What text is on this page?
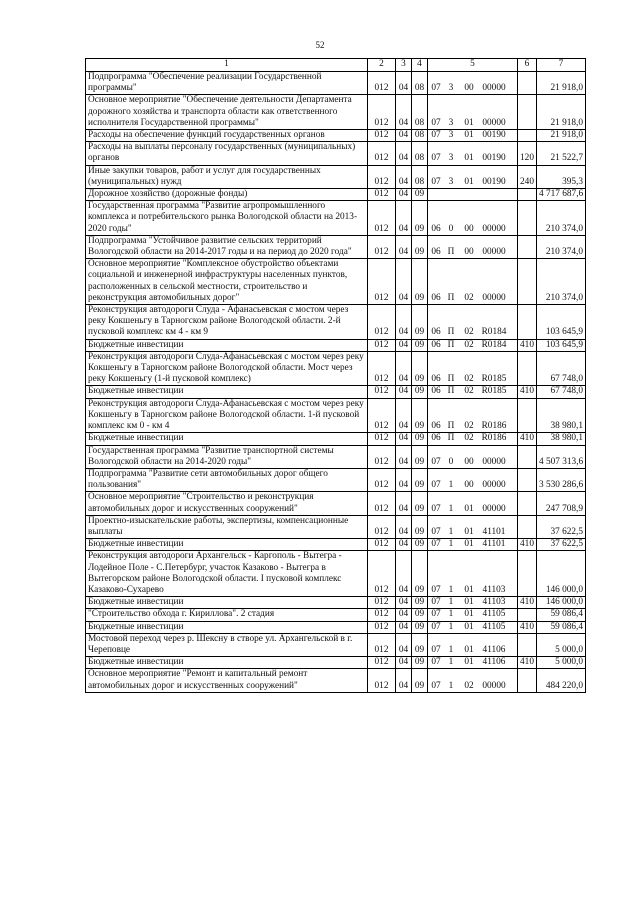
52
1	2	3	4	5	6	7
Подпрограмма "Обеспечение реализации Государственной программы"	012	04	08	07 3 00 00000		21 918,0
Основное мероприятие "Обеспечение деятельности Департамента дорожного хозяйства и транспорта области как ответственного исполнителя Государственной программы"	012	04	08	07 3 01 00000		21 918,0
Расходы на обеспечение функций государственных органов	012	04	08	07 3 01 00190		21 918,0
Расходы на выплаты персоналу государственных (муниципальных) органов	012	04	08	07 3 01 00190	120	21 522,7
Иные закупки товаров, работ и услуг для государственных (муниципальных) нужд	012	04	08	07 3 01 00190	240	395,3
Дорожное хозяйство (дорожные фонды)	012	04	09			4 717 687,6
Государственная программа "Развитие агропромышленного комплекса и потребительского рынка Вологодской области на 2013-2020 годы"	012	04	09	06 0 00 00000		210 374,0
Подпрограмма "Устойчивое развитие сельских территорий Вологодской области на 2014-2017 годы и на период до 2020 года"	012	04	09	06 П 00 00000		210 374,0
Основное мероприятие "Комплексное обустройство объектами социальной и инженерной инфраструктуры населенных пунктов, расположенных в сельской местности, строительство и реконструкция автомобильных дорог"	012	04	09	06 П 02 00000		210 374,0
Реконструкция автодороги Слуда - Афанасьевская с мостом через реку Кокшеньгу в Тарногском районе Вологодской области. 2-й пусковой комплекс км 4 - км 9	012	04	09	06 П 02 R0184		103 645,9
Бюджетные инвестиции	012	04	09	06 П 02 R0184	410	103 645,9
Реконструкция автодороги Слуда-Афанасьевская с мостом через реку Кокшеньгу в Тарногском районе Вологодской области. Мост через реку Кокшеньгу (1-й пусковой комплекс)	012	04	09	06 П 02 R0185		67 748,0
Бюджетные инвестиции	012	04	09	06 П 02 R0185	410	67 748,0
Реконструкция автодороги Слуда-Афанасьевская с мостом через реку Кокшеньгу в Тарногском районе Вологодской области. 1-й пусковой комплекс км 0 - км 4	012	04	09	06 П 02 R0186		38 980,1
Бюджетные инвестиции	012	04	09	06 П 02 R0186	410	38 980,1
Государственная программа "Развитие транспортной системы Вологодской области на 2014-2020 годы"	012	04	09	07 0 00 00000		4 507 313,6
Подпрограмма "Развитие сети автомобильных дорог общего пользования"	012	04	09	07 1 00 00000		3 530 286,6
Основное мероприятие "Строительство и реконструкция автомобильных дорог и искусственных сооружений"	012	04	09	07 1 01 00000		247 708,9
Проектно-изыскательские работы, экспертизы, компенсационные выплаты	012	04	09	07 1 01 41101		37 622,5
Бюджетные инвестиции	012	04	09	07 1 01 41101	410	37 622,5
Реконструкция автодороги Архангельск - Каргополь - Вытегра - Лодейное Поле - С.Петербург, участок Казаково - Вытегра в Вытегорском районе Вологодской области. I пусковой комплекс Казаково-Сухарево	012	04	09	07 1 01 41103		146 000,0
Бюджетные инвестиции	012	04	09	07 1 01 41103	410	146 000,0
"Строительство обхода г. Кириллова". 2 стадия	012	04	09	07 1 01 41105		59 086,4
Бюджетные инвестиции	012	04	09	07 1 01 41105	410	59 086,4
Мостовой переход через р. Шексну в створе ул. Архангельской в г. Череповце	012	04	09	07 1 01 41106		5 000,0
Бюджетные инвестиции	012	04	09	07 1 01 41106	410	5 000,0
Основное мероприятие "Ремонт и капитальный ремонт автомобильных дорог и искусственных сооружений"	012	04	09	07 1 02 00000		484 220,0
